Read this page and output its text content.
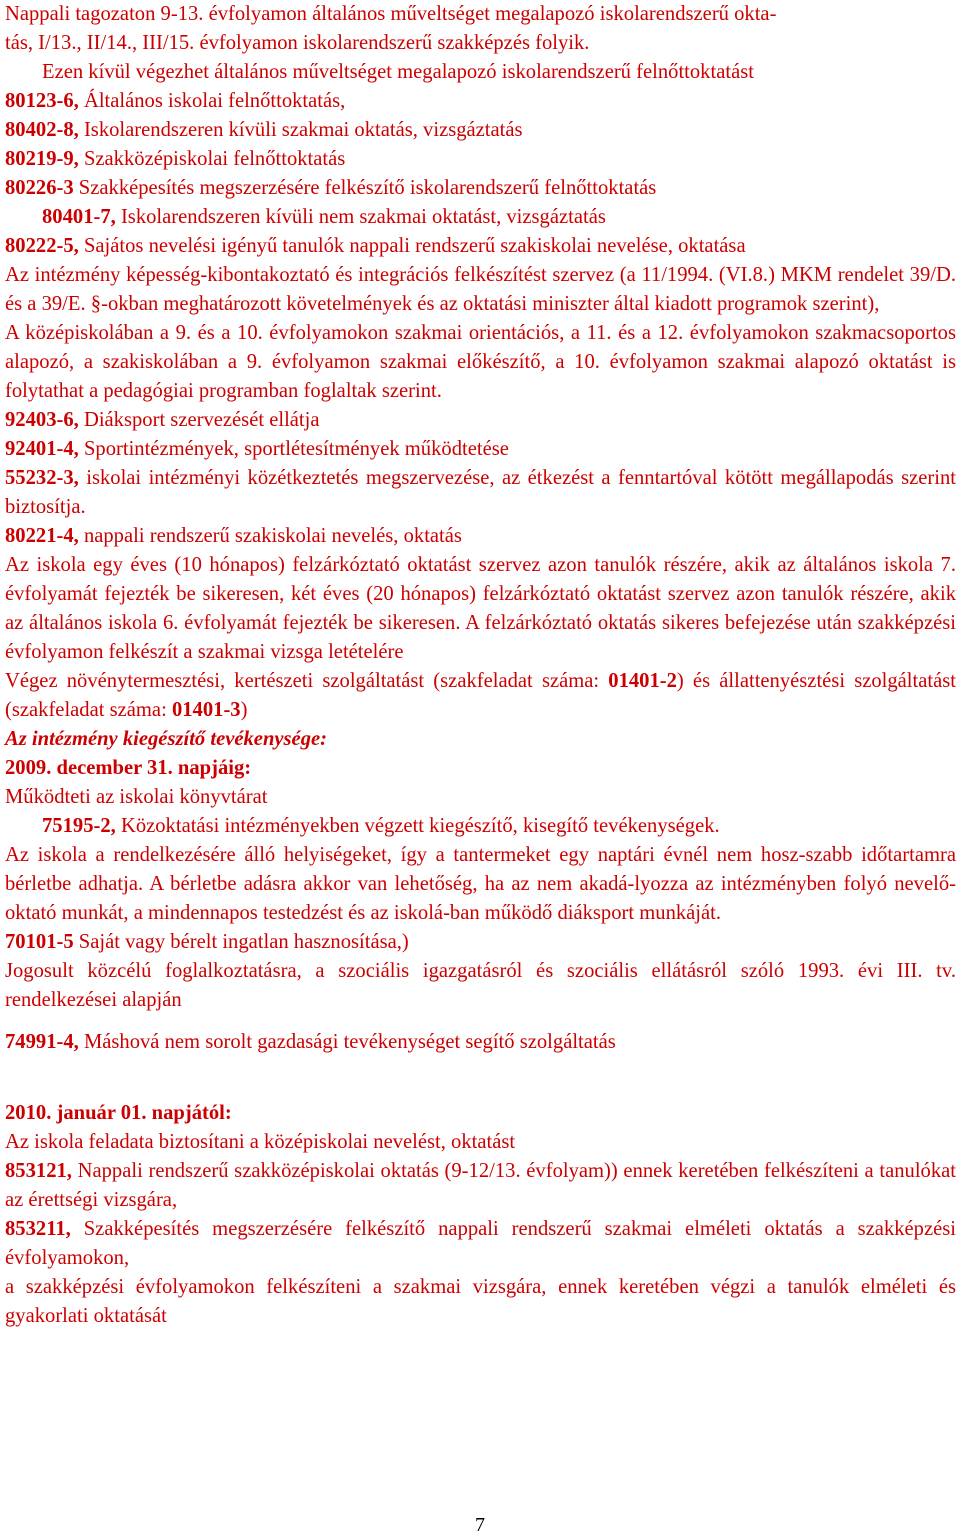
Nappali tagozaton 9-13. évfolyamon általános műveltséget megalapozó iskolarendszerű okta-

tás, I/13., II/14., III/15. évfolyamon iskolarendszerű szakképzés folyik.

Ezen kívül végezhet általános műveltséget megalapozó iskolarendszerű felnőttoktatást

80123-6, Általános iskolai felnőttoktatás,

80402-8, Iskolarendszeren kívüli szakmai oktatás, vizsgáztatás

80219-9, Szakközépiskolai felnőttoktatás

80226-3 Szakképesítés megszerzésére felkészítő iskolarendszerű felnőttoktatás

80401-7, Iskolarendszeren kívüli nem szakmai oktatást, vizsgáztatás

80222-5, Sajátos nevelési igényű tanulók nappali rendszerű szakiskolai nevelése, oktatása

Az intézmény képesség-kibontakoztató és integrációs felkészítést szervez (a 11/1994. (VI.8.) MKM rendelet 39/D. és a 39/E. §-okban meghatározott követelmények és az oktatási miniszter által kiadott programok szerint),

A középiskolában a 9. és a 10. évfolyamokon szakmai orientációs, a 11. és a 12. évfolyamokon szakmacsoportos alapozó, a szakiskolában a 9. évfolyamon szakmai előkészítő, a 10. évfolyamon szakmai alapozó oktatást is folytathat a pedagógiai programban foglaltak szerint.

92403-6, Diáksport szervezését ellátja

92401-4, Sportintézmények, sportlétesítmények működtetése

55232-3, iskolai intézményi közétkeztetés megszervezése, az étkezést a fenntartóval kötött megállapodás szerint biztosítja.

80221-4, nappali rendszerű szakiskolai nevelés, oktatás

Az iskola egy éves (10 hónapos) felzárkóztató oktatást szervez azon tanulók részére, akik az általános iskola 7. évfolyamát fejezték be sikeresen, két éves (20 hónapos) felzárkóztató oktatást szervez azon tanulók részére, akik az általános iskola 6. évfolyamát fejezték be sikeresen. A felzárkóztató oktatás sikeres befejezése után szakképzési évfolyamon felkészít a szakmai vizsga letételére

Végez növénytermesztési, kertészeti szolgáltatást (szakfeladat száma: 01401-2) és állattenyésztési szolgáltatást (szakfeladat száma: 01401-3)

Az intézmény kiegészítő tevékenysége:

2009. december 31. napjáig:

Működteti az iskolai könyvtárat

75195-2, Közoktatási intézményekben végzett kiegészítő, kisegítő tevékenységek.

Az iskola a rendelkezésére álló helyiségeket, így a tantermeket egy naptári évnél nem hosz-szabb időtartamra bérletbe adhatja. A bérletbe adásra akkor van lehetőség, ha az nem akadá-lyozza az intézményben folyó nevelő-oktató munkát, a mindennapos testedzést és az iskolá-ban működő diáksport munkáját.

70101-5 Saját vagy bérelt ingatlan hasznosítása,)

Jogosult közcélú foglalkoztatásra, a szociális igazgatásról és szociális ellátásról szóló 1993. évi III. tv. rendelkezései alapján

74991-4, Máshová nem sorolt gazdasági tevékenységet segítő szolgáltatás

2010. január 01. napjától:

Az iskola feladata biztosítani a középiskolai nevelést, oktatást

853121, Nappali rendszerű szakközépiskolai oktatás (9-12/13. évfolyam)) ennek keretében felkészíteni a tanulókat az érettségi vizsgára,

853211, Szakképesítés megszerzésére felkészítő nappali rendszerű szakmai elméleti oktatás a szakképzési évfolyamokon,

a szakképzési évfolyamokon felkészíteni a szakmai vizsgára, ennek keretében végzi a tanulók elméleti és gyakorlati oktatását

7
